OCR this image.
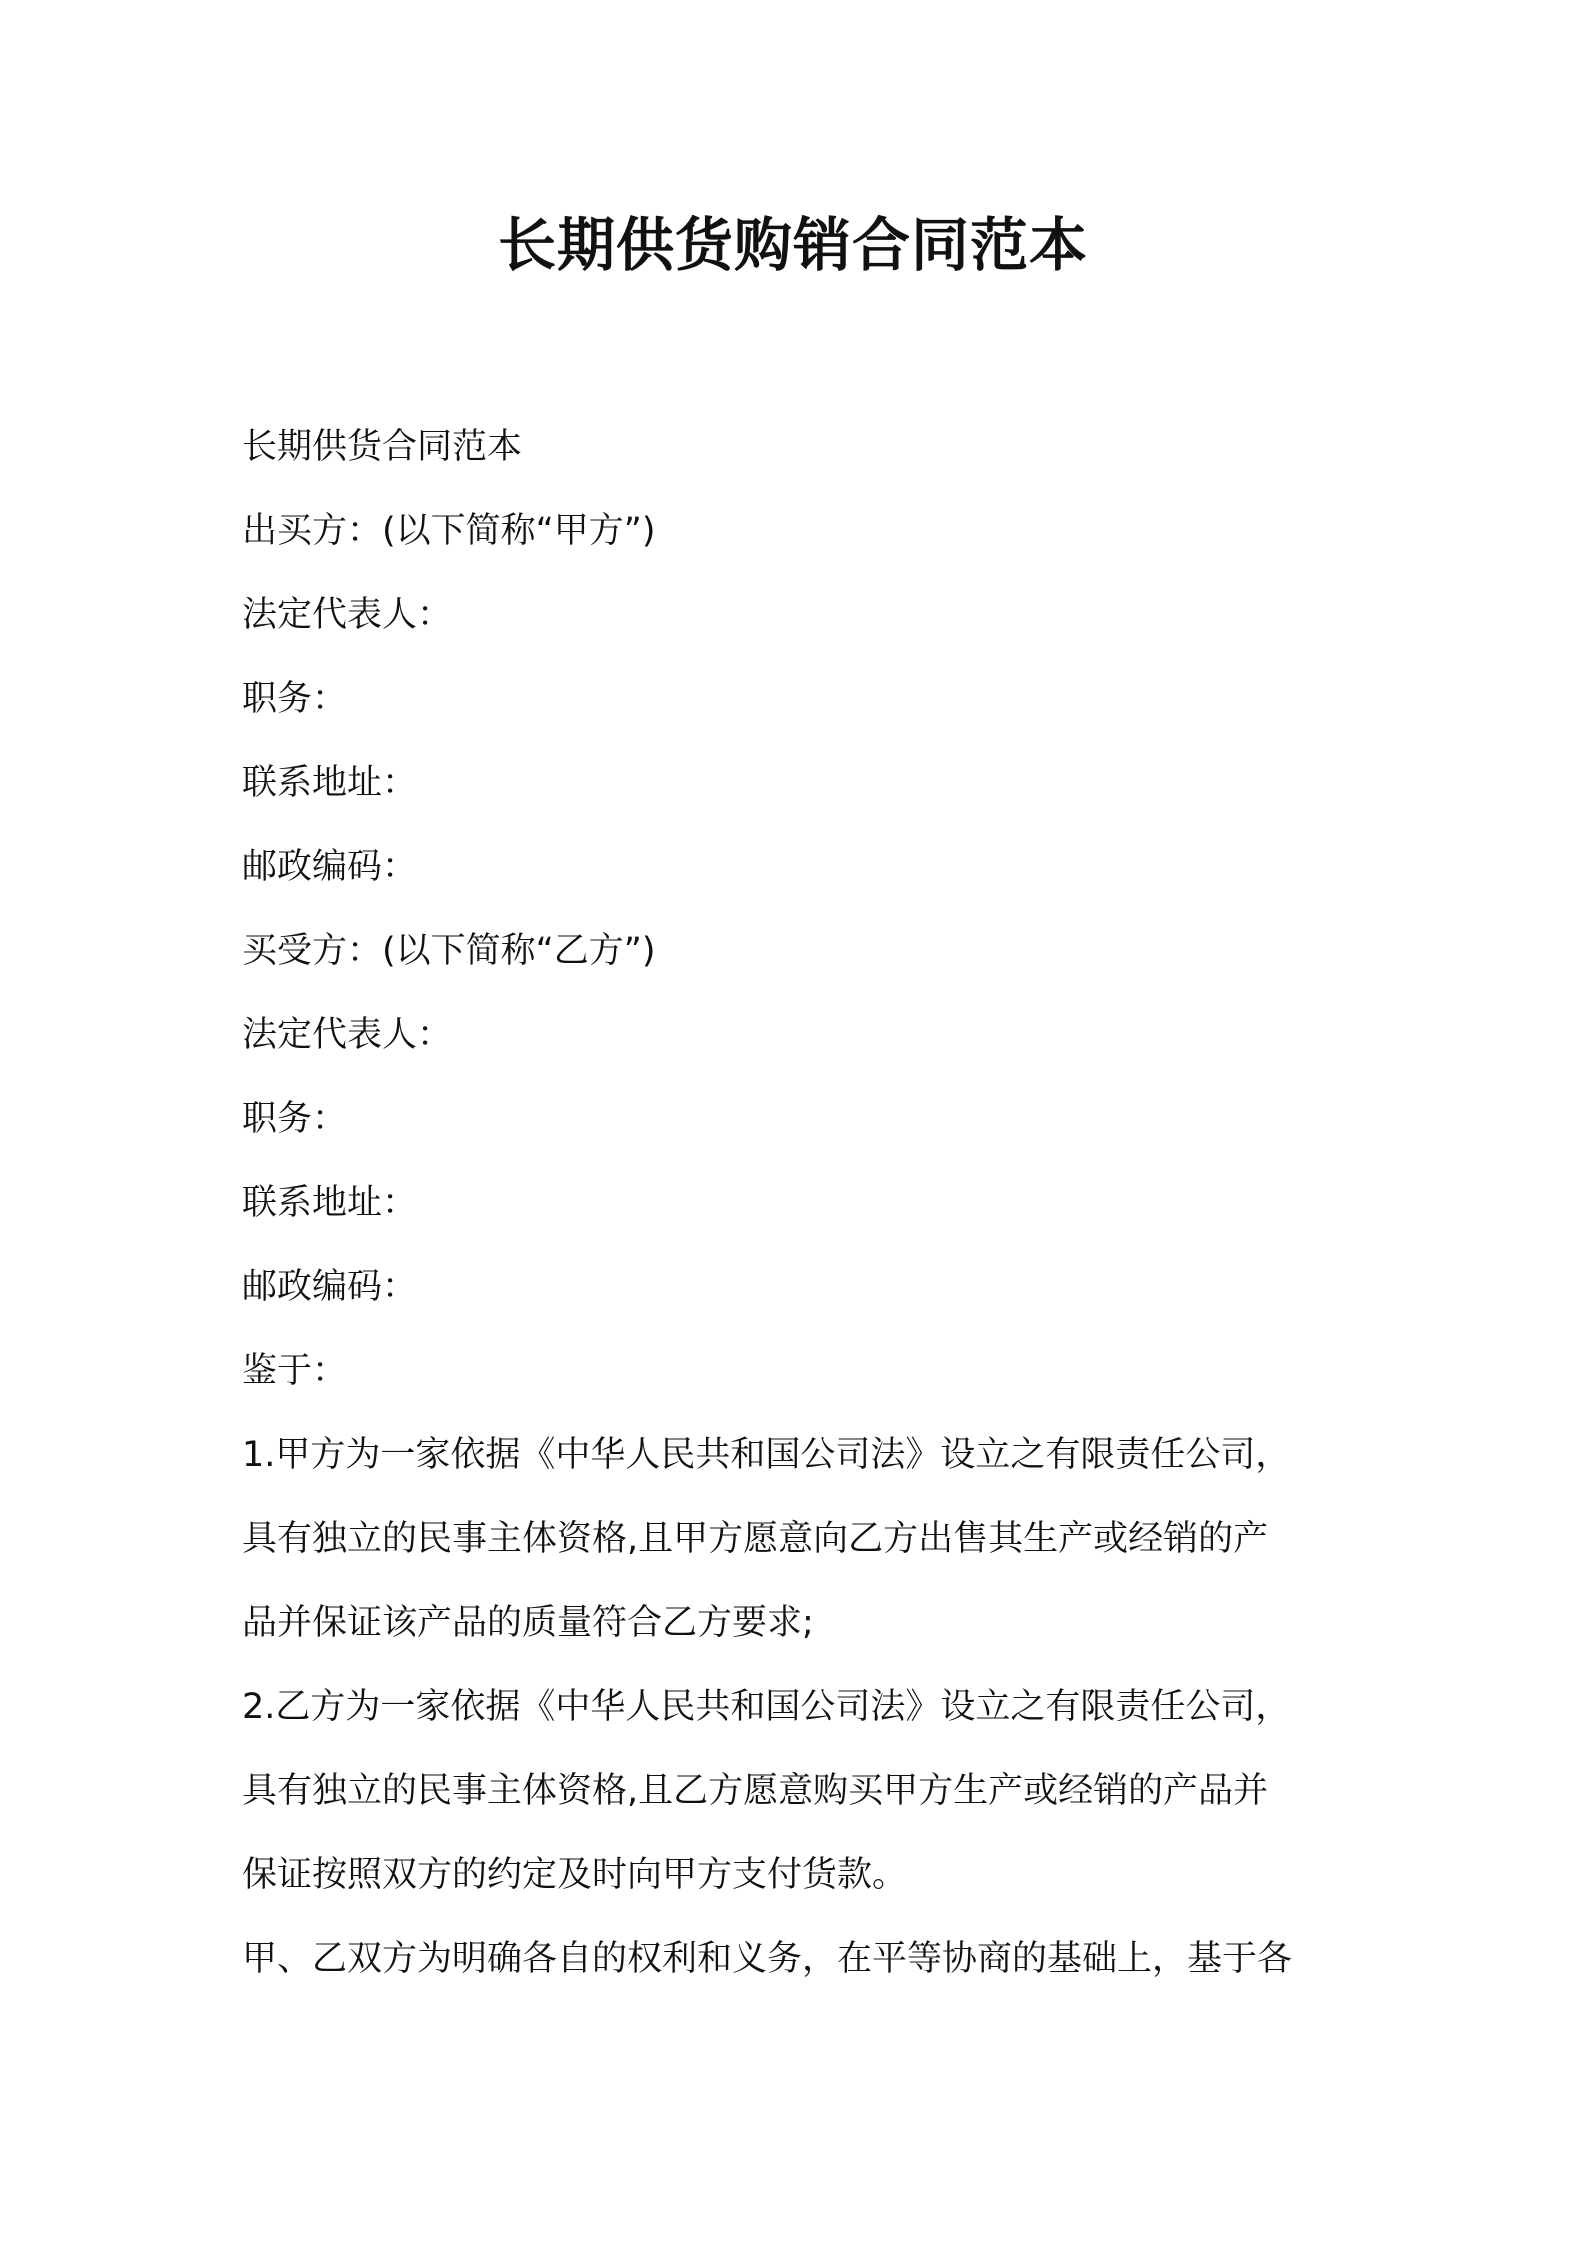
长期供货购销合同范本
长期供货合同范本
出买方：(以下简称“甲方”)
法定代表人：
职务：
联系地址：
邮政编码：
买受方：(以下简称“乙方”)
法定代表人：
职务：
联系地址：
邮政编码：
鉴于：
1.甲方为一家依据《中华人民共和国公司法》设立之有限责任公司，
具有独立的民事主体资格,且甲方愿意向乙方出售其生产或经销的产
品并保证该产品的质量符合乙方要求;
2.乙方为一家依据《中华人民共和国公司法》设立之有限责任公司，
具有独立的民事主体资格,且乙方愿意购买甲方生产或经销的产品并
保证按照双方的约定及时向甲方支付货款。
甲、乙双方为明确各自的权利和义务，在平等协商的基础上，基于各
